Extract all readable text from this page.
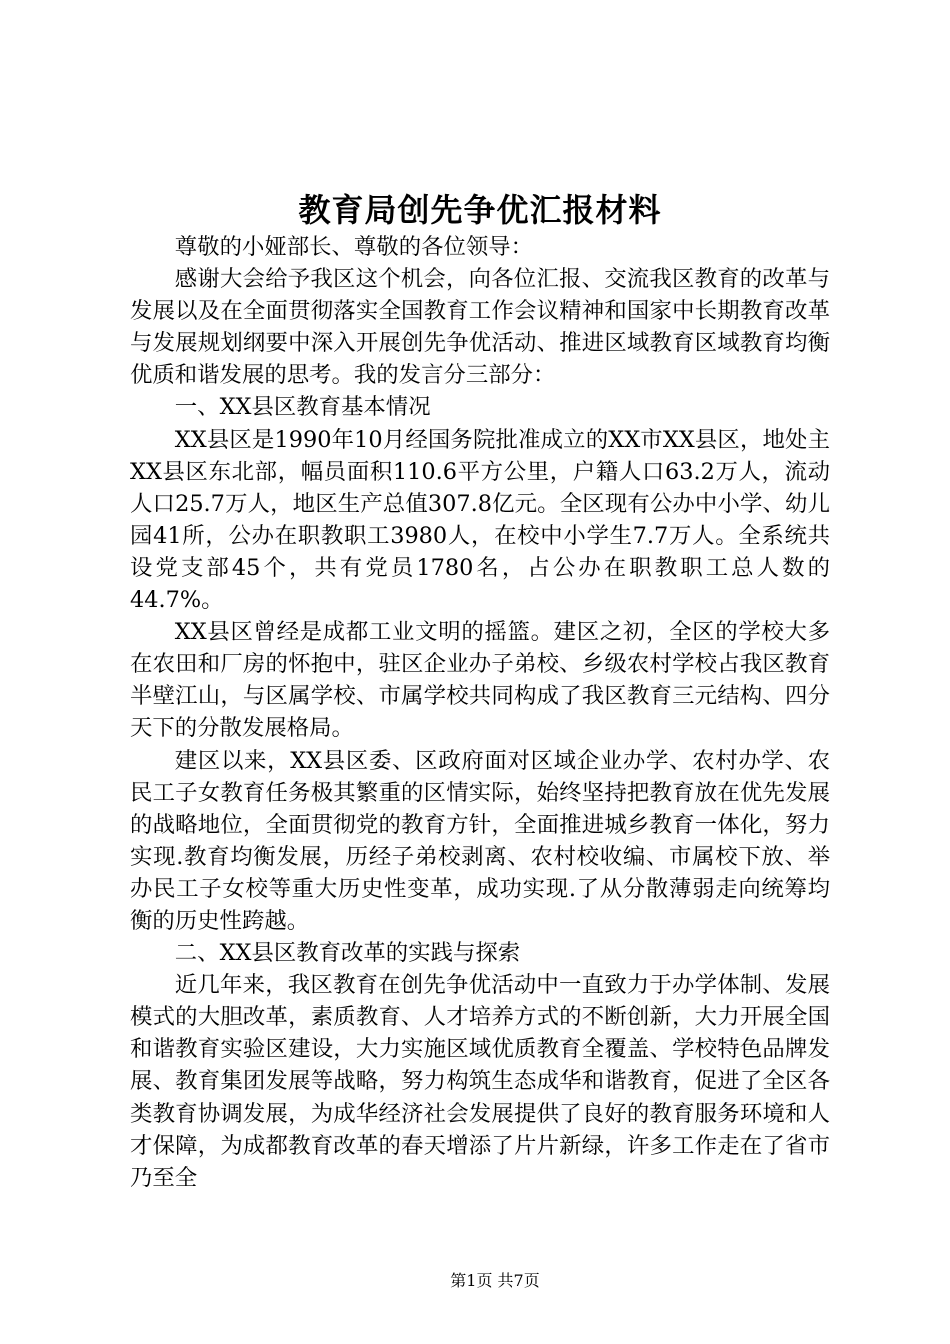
教育局创先争优汇报材料

尊敬的小娅部长、尊敬的各位领导：

感谢大会给予我区这个机会，向各位汇报、交流我区教育的改革与发展以及在全面贯彻落实全国教育工作会议精神和国家中长期教育改革与发展规划纲要中深入开展创先争优活动、推进区域教育区域教育均衡优质和谐发展的思考。我的发言分三部分：

一、XX县区教育基本情况

XX县区是1990年10月经国务院批准成立的XX市XX县区，地处主XX县区东北部，幅员面积110.6平方公里，户籍人口63.2万人，流动人口25.7万人，地区生产总值307.8亿元。全区现有公办中小学、幼儿园41所，公办在职教职工3980人，在校中小学生7.7万人。全系统共设党支部45个，共有党员1780名，占公办在职教职工总人数的44.7%。

XX县区曾经是成都工业文明的摇篮。建区之初，全区的学校大多在农田和厂房的怀抱中，驻区企业办子弟校、乡级农村学校占我区教育半壁江山，与区属学校、市属学校共同构成了我区教育三元结构、四分天下的分散发展格局。

建区以来，XX县区委、区政府面对区域企业办学、农村办学、农民工子女教育任务极其繁重的区情实际，始终坚持把教育放在优先发展的战略地位，全面贯彻党的教育方针，全面推进城乡教育一体化，努力实现.教育均衡发展，历经子弟校剥离、农村校收编、市属校下放、举办民工子女校等重大历史性变革，成功实现.了从分散薄弱走向统筹均衡的历史性跨越。

二、XX县区教育改革的实践与探索

近几年来，我区教育在创先争优活动中一直致力于办学体制、发展模式的大胆改革，素质教育、人才培养方式的不断创新，大力开展全国和谐教育实验区建设，大力实施区域优质教育全覆盖、学校特色品牌发展、教育集团发展等战略，努力构筑生态成华和谐教育，促进了全区各类教育协调发展，为成华经济社会发展提供了良好的教育服务环境和人才保障，为成都教育改革的春天增添了片片新绿，许多工作走在了省市乃至全

第1页 共7页
